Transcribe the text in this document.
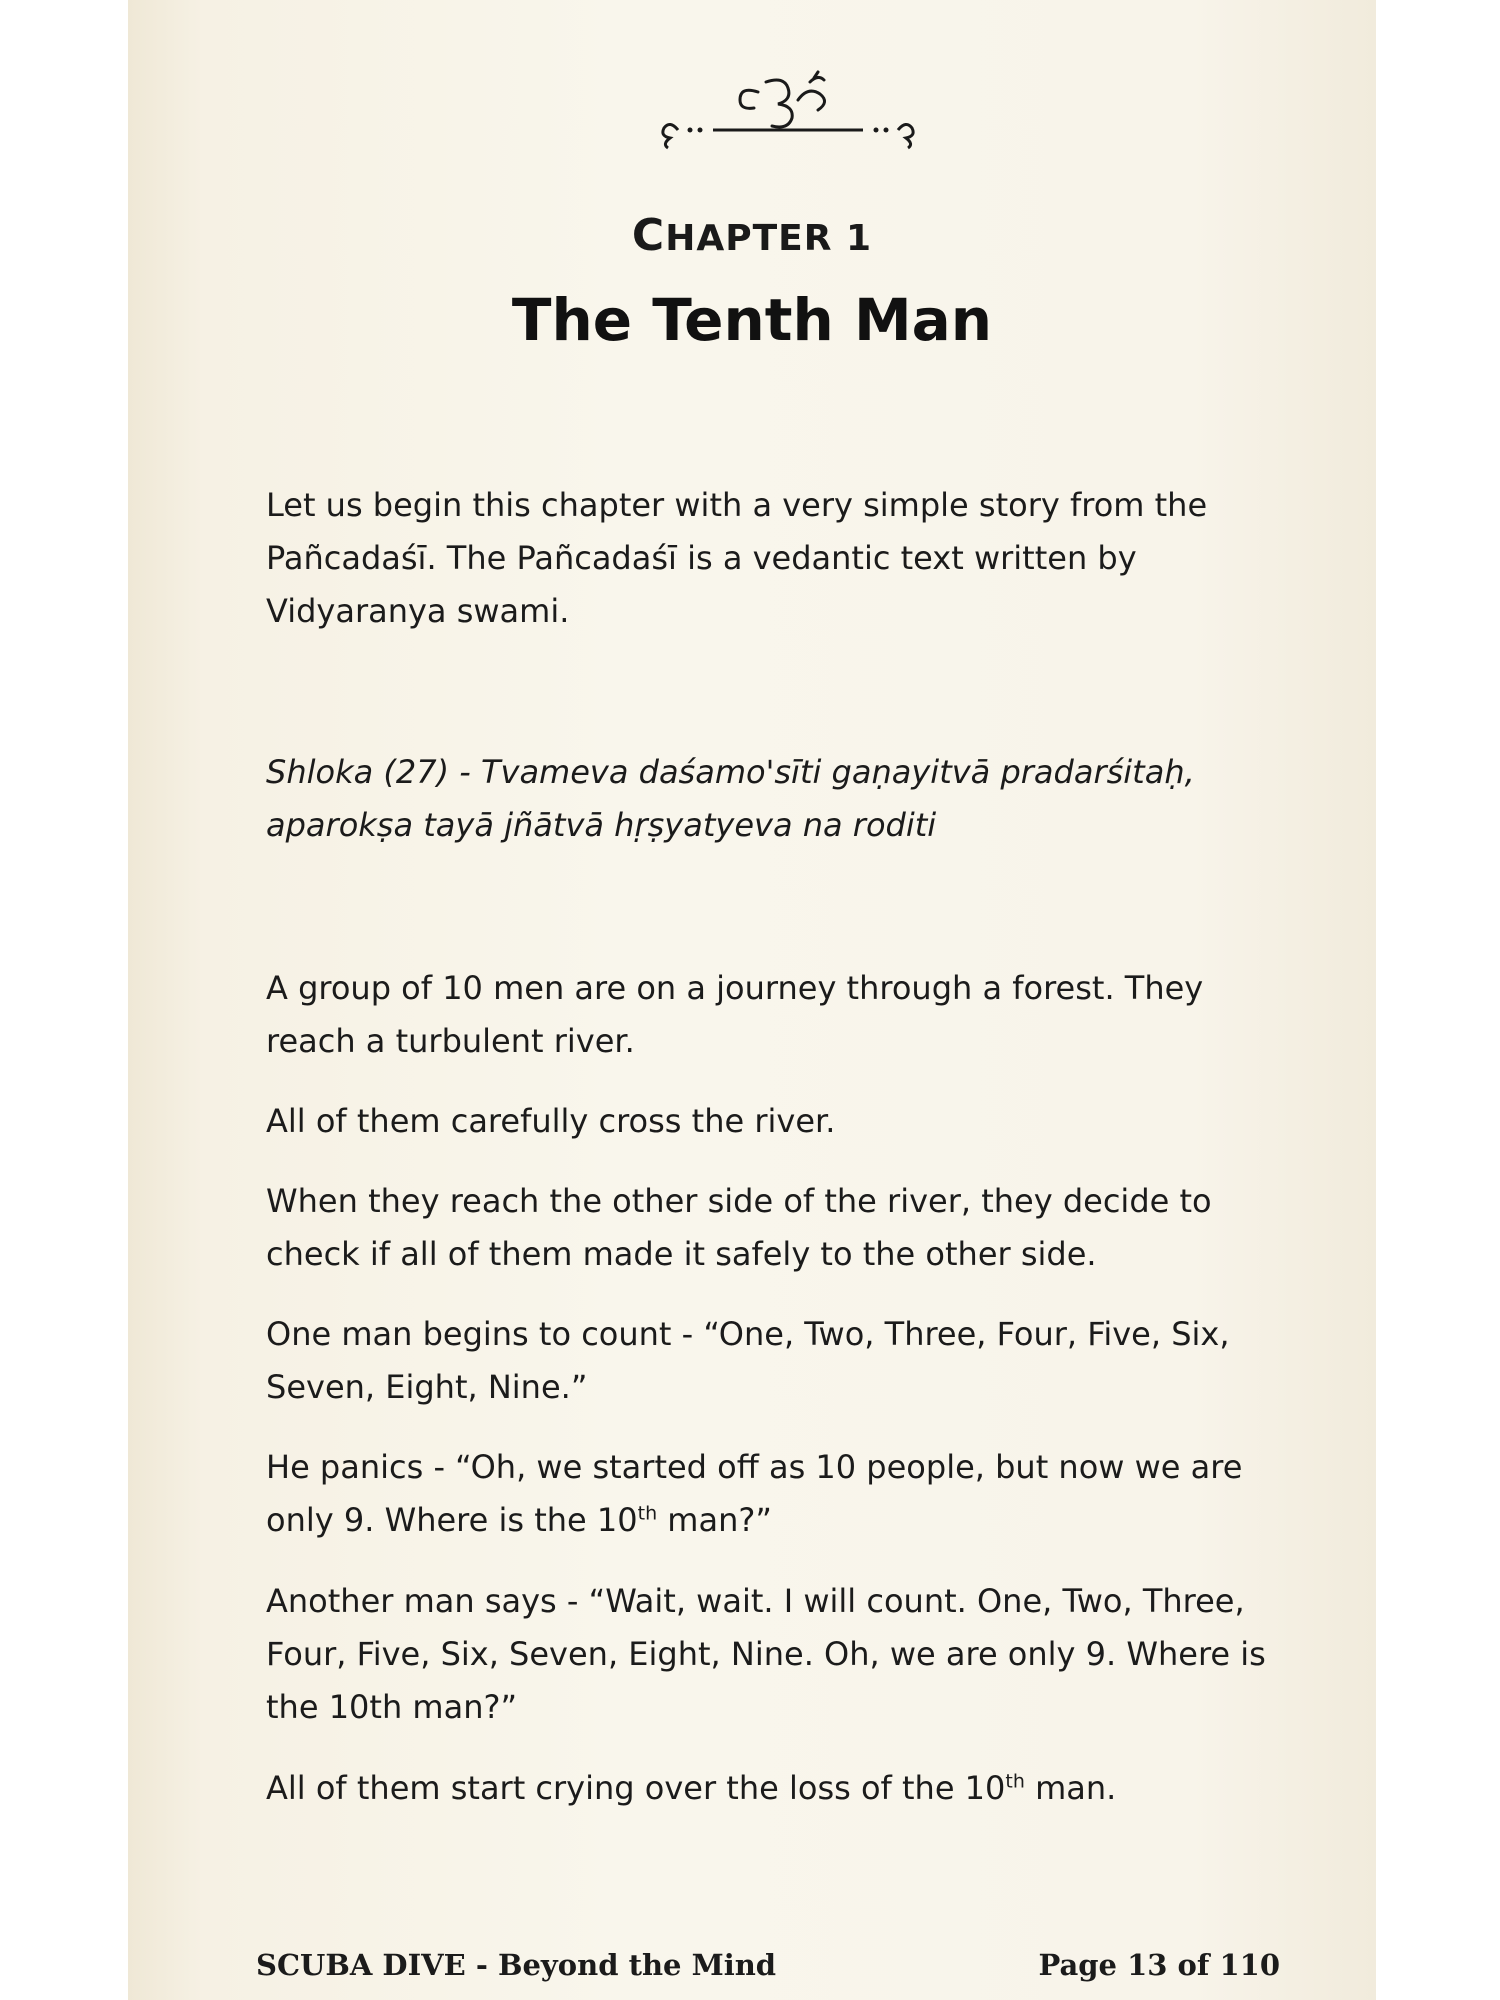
CHAPTER 1
The Tenth Man

Let us begin this chapter with a very simple story from the Pañcadaśī. The Pañcadaśī is a vedantic text written by Vidyaranya swami.

Shloka (27) - Tvameva daśamo'sīti gaṇayitvā pradarśitaḥ, aparokṣa tayā jñātvā hṛṣyatyeva na roditi

A group of 10 men are on a journey through a forest. They reach a turbulent river.

All of them carefully cross the river.

When they reach the other side of the river, they decide to check if all of them made it safely to the other side.

One man begins to count - “One, Two, Three, Four, Five, Six, Seven, Eight, Nine.”

He panics - “Oh, we started off as 10 people, but now we are only 9. Where is the 10th man?”

Another man says - “Wait, wait. I will count. One, Two, Three, Four, Five, Six, Seven, Eight, Nine. Oh, we are only 9. Where is the 10th man?”

All of them start crying over the loss of the 10th man.

SCUBA DIVE - Beyond the Mind	Page 13 of 110
